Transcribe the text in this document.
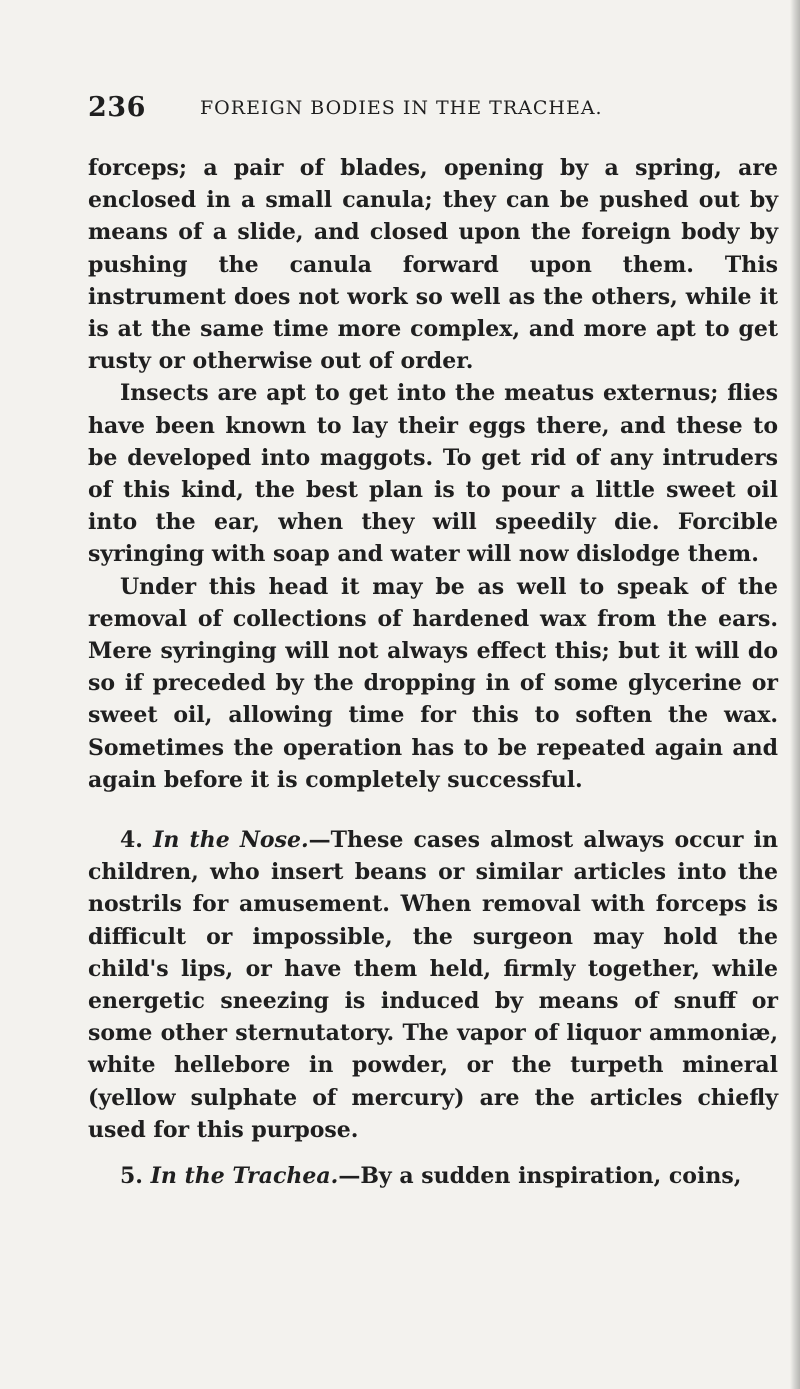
236	FOREIGN BODIES IN THE TRACHEA.

forceps; a pair of blades, opening by a spring, are enclosed in a small canula; they can be pushed out by means of a slide, and closed upon the foreign body by pushing the canula forward upon them. This instrument does not work so well as the others, while it is at the same time more complex, and more apt to get rusty or otherwise out of order.

Insects are apt to get into the meatus externus; flies have been known to lay their eggs there, and these to be developed into maggots. To get rid of any intruders of this kind, the best plan is to pour a little sweet oil into the ear, when they will speedily die. Forcible syringing with soap and water will now dislodge them.

Under this head it may be as well to speak of the removal of collections of hardened wax from the ears. Mere syringing will not always effect this; but it will do so if preceded by the dropping in of some glycerine or sweet oil, allowing time for this to soften the wax. Sometimes the operation has to be repeated again and again before it is completely successful.

4. In the Nose.—These cases almost always occur in children, who insert beans or similar articles into the nostrils for amusement. When removal with forceps is difficult or impossible, the surgeon may hold the child's lips, or have them held, firmly together, while energetic sneezing is induced by means of snuff or some other sternutatory. The vapor of liquor ammoniæ, white hellebore in powder, or the turpeth mineral (yellow sulphate of mercury) are the articles chiefly used for this purpose.

5. In the Trachea.—By a sudden inspiration, coins,
